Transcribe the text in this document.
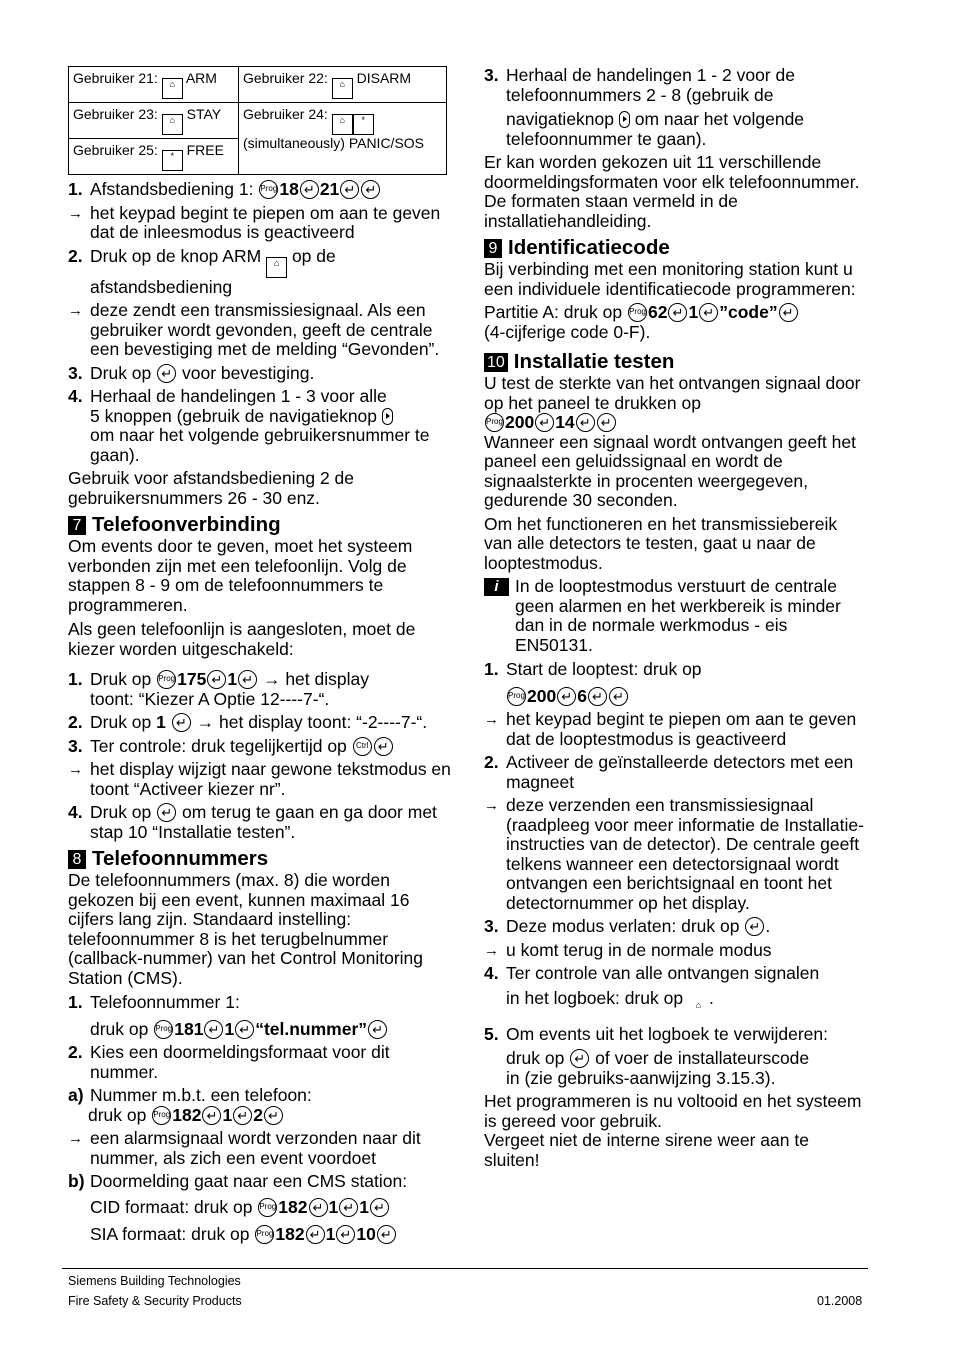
Gebruiker 21: ⌂ ARM	Gebruiker 22: ⌂ DISARM
Gebruiker 23: ⌂ STAY	Gebruiker 24: ⌂ *
(simultaneously) PANIC/SOS
Gebruiker 25: * FREE	
1. Afstandsbediening 1: Prog 18 ↵ 21↵↵
→ het keypad begint te piepen om aan te geven dat de inleesmodus is geactiveerd
2. Druk op de knop ARM ⌂ op de afstandsbediening
→ deze zendt een transmissiesignaal. Als een gebruiker wordt gevonden, geeft de centrale een bevestiging met de melding “Gevonden”.
3. Druk op ↵ voor bevestiging.
4. Herhaal de handelingen 1 - 3 voor alle
5 knoppen (gebruik de navigatieknop
om naar het volgende gebruikersnummer te gaan).

Gebruik voor afstandsbediening 2 de gebruikersnummers 26 - 30 enz.

7 Telefoonverbinding

Om events door te geven, moet het systeem verbonden zijn met een telefoonlijn. Volg de stappen 8 - 9 om de telefoonnummers te programmeren.

Als geen telefoonlijn is aangesloten, moet de kiezer worden uitgeschakeld:

1. Druk op Prog 175 ↵ 1↵ → het display
toont: “Kiezer A Optie 12----7-“.
2. Druk op 1 ↵ → het display toont: “-2----7-“.
3. Ter controle: druk tegelijkertijd op Ctrl↵
→ het display wijzigt naar gewone tekstmodus en toont “Activeer kiezer nr”.
4. Druk op ↵ om terug te gaan en ga door met stap 10 “Installatie testen”.
8 Telefoonnummers

De telefoonnummers (max. 8) die worden gekozen bij een event, kunnen maximaal 16 cijfers lang zijn. Standaard instelling: telefoonnummer 8 is het terugbelnummer (callback-nummer) van het Control Monitoring Station (CMS).

1. Telefoonnummer 1:
druk op Prog 181 ↵ 1 ↵ “tel.nummer”↵
2. Kies een doormeldingsformaat voor dit nummer.
a) Nummer m.b.t. een telefoon:
druk op Prog 182 ↵ 1 ↵ 2↵
→ een alarmsignaal wordt verzonden naar dit nummer, als zich een event voordoet
b) Doormelding gaat naar een CMS station:
CID formaat: druk op Prog 182 ↵ 1 ↵ 1↵
SIA formaat: druk op Prog 182 ↵ 1 ↵ 10↵
3. Herhaal de handelingen 1 - 2 voor de telefoonnummers 2 - 8 (gebruik de
navigatieknop om naar het volgende telefoonnummer te gaan).

Er kan worden gekozen uit 11 verschillende doormeldingsformaten voor elk telefoonnummer. De formaten staan vermeld in de installatiehandleiding.

9 Identificatiecode

Bij verbinding met een monitoring station kunt u een individuele identificatiecode programmeren:

Partitie A: druk op Prog 62 ↵ 1 ↵ ”code”↵
(4-cijferige code 0-F).

10 Installatie testen

U test de sterkte van het ontvangen signaal door op het paneel te drukken op
Prog200 ↵ 14↵↵

Wanneer een signaal wordt ontvangen geeft het paneel een geluidssignaal en wordt de signaalsterkte in procenten weergegeven, gedurende 30 seconden.

Om het functioneren en het transmissiebereik van alle detectors te testen, gaat u naar de looptestmodus.

i In de looptestmodus verstuurt de centrale geen alarmen en het werkbereik is minder dan in de normale werkmodus - eis EN50131.
1. Start de looptest: druk op
Prog200 ↵ 6↵↵
→ het keypad begint te piepen om aan te geven dat de looptestmodus is geactiveerd
2. Activeer de geïnstalleerde detectors met een magneet
→ deze verzenden een transmissiesignaal (raadpleeg voor meer informatie de Installatie-instructies van de detector). De centrale geeft telkens wanneer een detectorsignaal wordt ontvangen een berichtsignaal en toont het detectornummer op het display.
3. Deze modus verlaten: druk op ↵ .
→ u komt terug in de normale modus
4. Ter controle van alle ontvangen signalen
in het logboek: druk op ⌂ .
5. Om events uit het logboek te verwijderen:
druk op ↵ of voer de installateurscode
in (zie gebruiks-aanwijzing 3.15.3).

Het programmeren is nu voltooid en het systeem is gereed voor gebruik.

Vergeet niet de interne sirene weer aan te sluiten!

Siemens Building Technologies
Fire Safety & Security Products	01.2008
